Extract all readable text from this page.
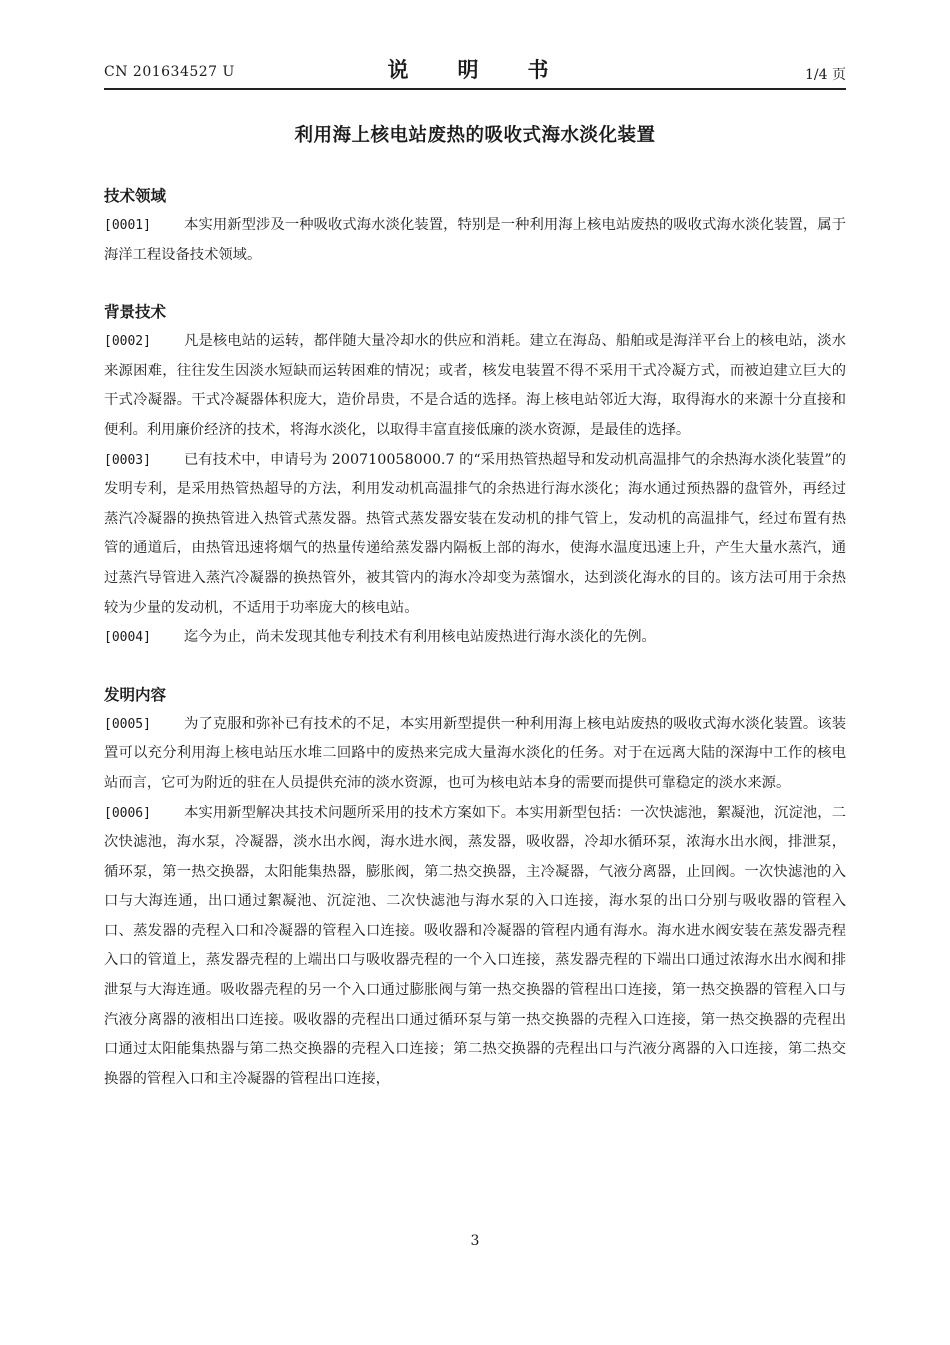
CN 201634527 U	说　明　书	1/4 页
利用海上核电站废热的吸收式海水淡化装置

技术领域

[0001] 本实用新型涉及一种吸收式海水淡化装置，特别是一种利用海上核电站废热的吸收式海水淡化装置，属于海洋工程设备技术领域。

背景技术

[0002] 凡是核电站的运转，都伴随大量冷却水的供应和消耗。建立在海岛、船舶或是海洋平台上的核电站，淡水来源困难，往往发生因淡水短缺而运转困难的情况；或者，核发电装置不得不采用干式冷凝方式，而被迫建立巨大的干式冷凝器。干式冷凝器体积庞大，造价昂贵，不是合适的选择。海上核电站邻近大海，取得海水的来源十分直接和便利。利用廉价经济的技术，将海水淡化，以取得丰富直接低廉的淡水资源，是最佳的选择。

[0003] 已有技术中，申请号为 200710058000.7 的“采用热管热超导和发动机高温排气的余热海水淡化装置”的发明专利，是采用热管热超导的方法，利用发动机高温排气的余热进行海水淡化；海水通过预热器的盘管外，再经过蒸汽冷凝器的换热管进入热管式蒸发器。热管式蒸发器安装在发动机的排气管上，发动机的高温排气，经过布置有热管的通道后，由热管迅速将烟气的热量传递给蒸发器内隔板上部的海水，使海水温度迅速上升，产生大量水蒸汽，通过蒸汽导管进入蒸汽冷凝器的换热管外，被其管内的海水冷却变为蒸馏水，达到淡化海水的目的。该方法可用于余热较为少量的发动机，不适用于功率庞大的核电站。

[0004] 迄今为止，尚未发现其他专利技术有利用核电站废热进行海水淡化的先例。

发明内容

[0005] 为了克服和弥补已有技术的不足，本实用新型提供一种利用海上核电站废热的吸收式海水淡化装置。该装置可以充分利用海上核电站压水堆二回路中的废热来完成大量海水淡化的任务。对于在远离大陆的深海中工作的核电站而言，它可为附近的驻在人员提供充沛的淡水资源，也可为核电站本身的需要而提供可靠稳定的淡水来源。

[0006] 本实用新型解决其技术问题所采用的技术方案如下。本实用新型包括：一次快滤池，絮凝池，沉淀池，二次快滤池，海水泵，冷凝器，淡水出水阀，海水进水阀，蒸发器，吸收器，冷却水循环泵，浓海水出水阀，排泄泵，循环泵，第一热交换器，太阳能集热器，膨胀阀，第二热交换器，主冷凝器，气液分离器，止回阀。一次快滤池的入口与大海连通，出口通过絮凝池、沉淀池、二次快滤池与海水泵的入口连接，海水泵的出口分别与吸收器的管程入口、蒸发器的壳程入口和冷凝器的管程入口连接。吸收器和冷凝器的管程内通有海水。海水进水阀安装在蒸发器壳程入口的管道上，蒸发器壳程的上端出口与吸收器壳程的一个入口连接，蒸发器壳程的下端出口通过浓海水出水阀和排泄泵与大海连通。吸收器壳程的另一个入口通过膨胀阀与第一热交换器的管程出口连接，第一热交换器的管程入口与汽液分离器的液相出口连接。吸收器的壳程出口通过循环泵与第一热交换器的壳程入口连接，第一热交换器的壳程出口通过太阳能集热器与第二热交换器的壳程入口连接；第二热交换器的壳程出口与汽液分离器的入口连接，第二热交换器的管程入口和主冷凝器的管程出口连接，

3
